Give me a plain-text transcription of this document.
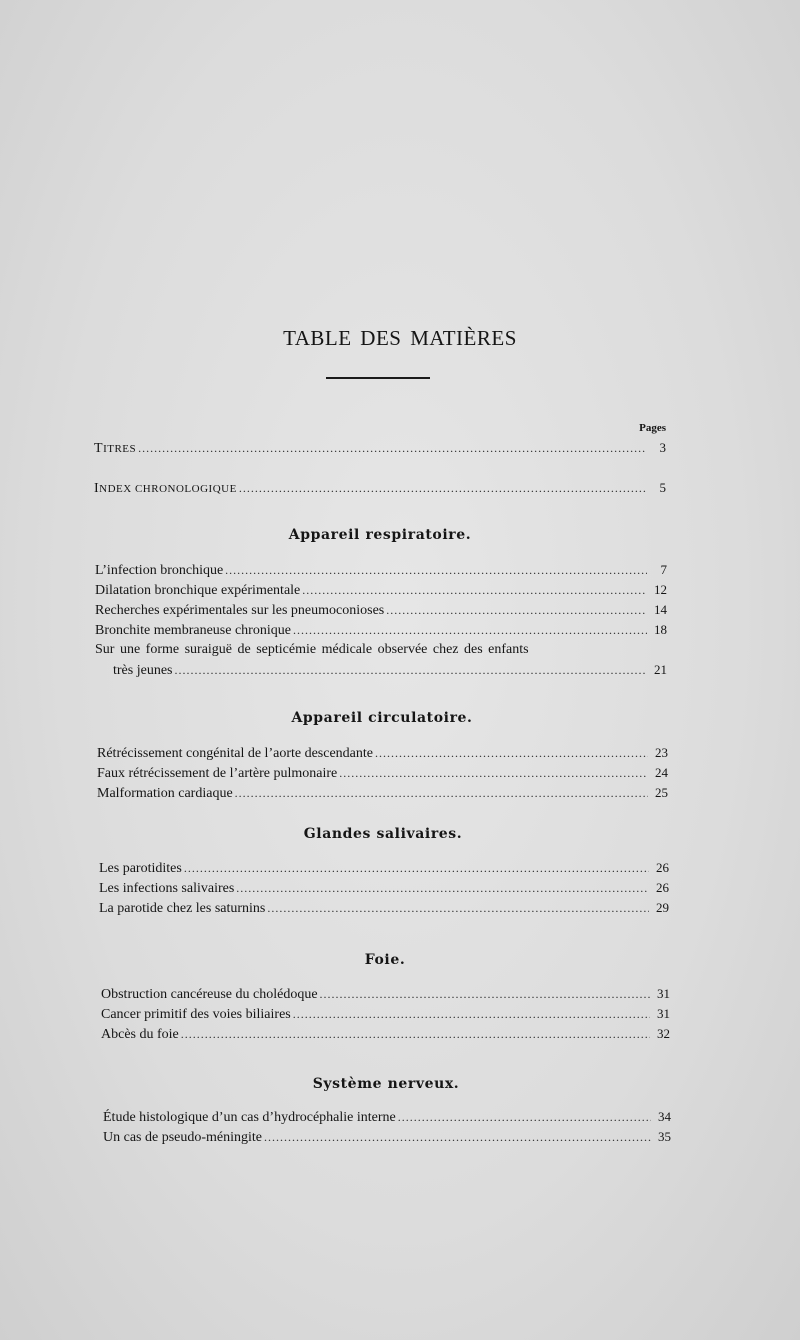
TABLE DES MATIÈRES
Pages
TITRES .....	3
INDEX CHRONOLOGIQUE .....	5
Appareil respiratoire.
L’infection bronchique .....	7
Dilatation bronchique expérimentale .....	12
Recherches expérimentales sur les pneumoconioses .....	14
Bronchite membraneuse chronique .....	18
Sur une forme suraiguë de septicémie médicale observée chez des enfants
très jeunes .....	21
Appareil circulatoire.
Rétrécissement congénital de l’aorte descendante .....	23
Faux rétrécissement de l’artère pulmonaire .....	24
Malformation cardiaque .....	25
Glandes salivaires.
Les parotidites .....	26
Les infections salivaires .....	26
La parotide chez les saturnins .....	29
Foie.
Obstruction cancéreuse du cholédoque .....	31
Cancer primitif des voies biliaires .....	31
Abcès du foie .....	32
Système nerveux.
Étude histologique d’un cas d’hydrocéphalie interne .....	34
Un cas de pseudo-méningite .....	35
